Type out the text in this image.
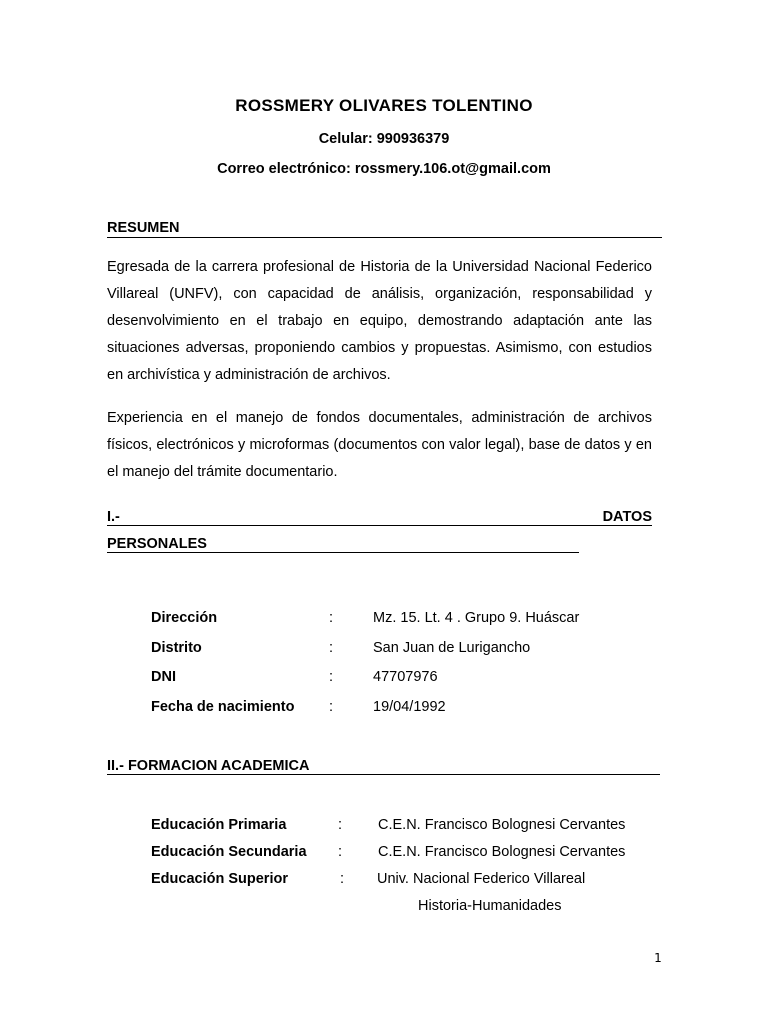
ROSSMERY OLIVARES TOLENTINO
Celular: 990936379
Correo electrónico: rossmery.106.ot@gmail.com
RESUMEN
Egresada de la carrera profesional de Historia de la Universidad Nacional Federico Villareal (UNFV), con capacidad de análisis, organización, responsabilidad y desenvolvimiento en el trabajo en equipo, demostrando adaptación ante las situaciones adversas, proponiendo cambios y propuestas. Asimismo, con estudios en archivística y administración de archivos.
Experiencia en el manejo de fondos documentales, administración de archivos físicos, electrónicos y microformas (documentos con valor legal), base de datos y en el manejo del trámite documentario.
I.-	DATOS
PERSONALES
Dirección	:	Mz. 15. Lt. 4 . Grupo 9. Huáscar
Distrito	:	San Juan de Lurigancho
DNI	:	47707976
Fecha de nacimiento :	19/04/1992
II.- FORMACION ACADEMICA
Educación Primaria	: C.E.N. Francisco Bolognesi Cervantes
Educación Secundaria : C.E.N. Francisco Bolognesi Cervantes
Educación Superior	: Univ. Nacional Federico Villareal
Historia-Humanidades
1
